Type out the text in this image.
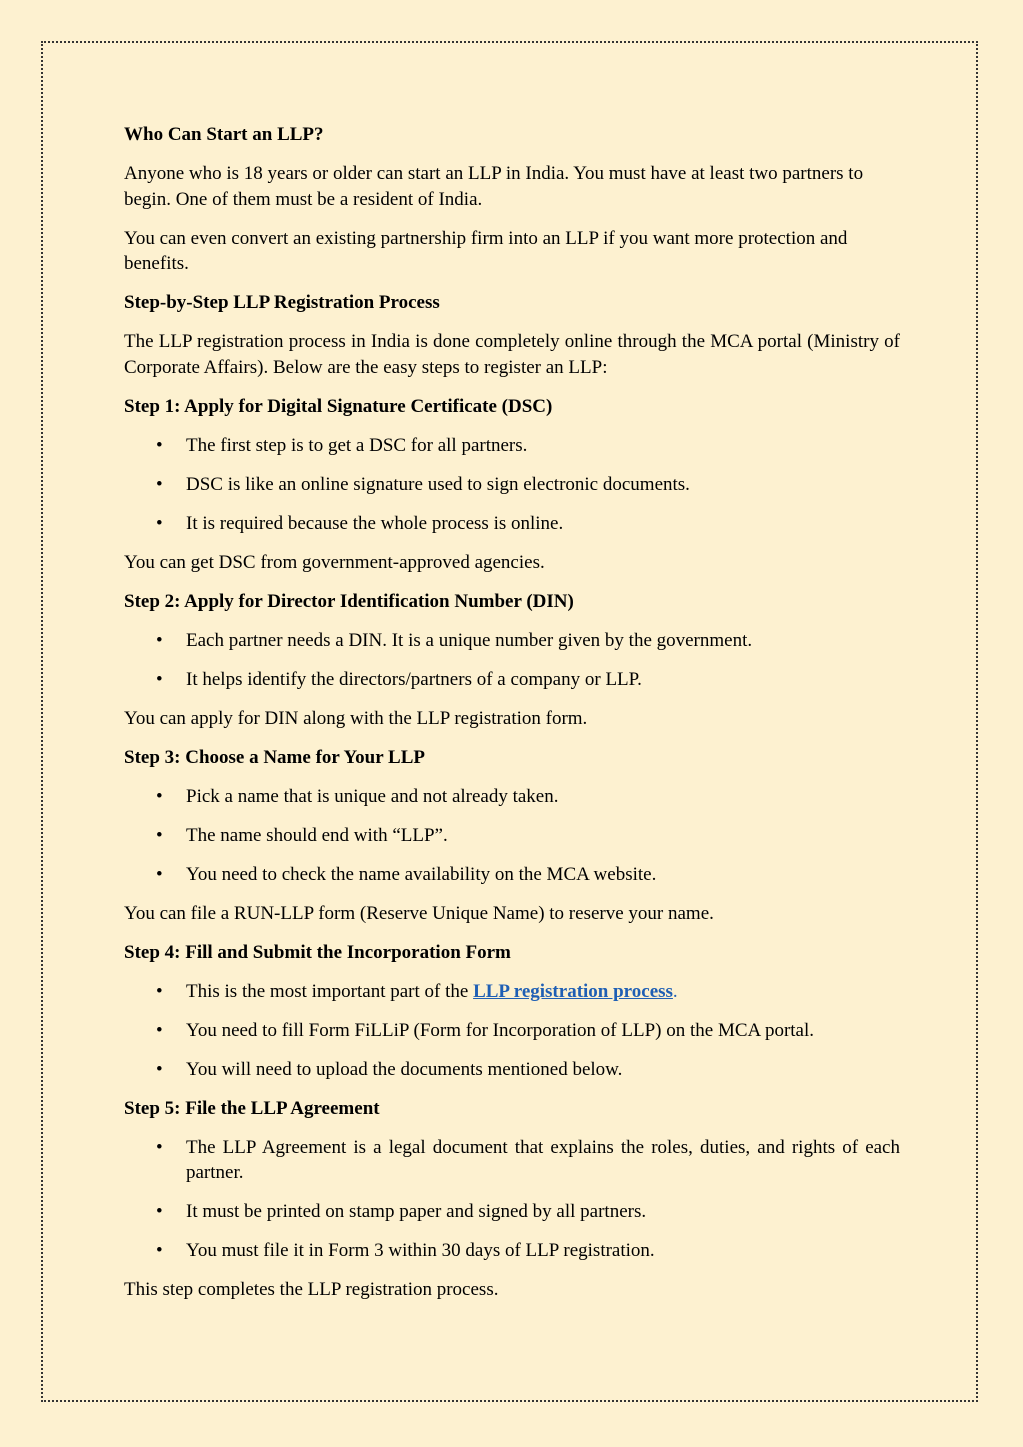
Who Can Start an LLP?

Anyone who is 18 years or older can start an LLP in India. You must have at least two partners to begin. One of them must be a resident of India.

You can even convert an existing partnership firm into an LLP if you want more protection and benefits.

Step-by-Step LLP Registration Process

The LLP registration process in India is done completely online through the MCA portal (Ministry of Corporate Affairs). Below are the easy steps to register an LLP:

Step 1: Apply for Digital Signature Certificate (DSC)
• The first step is to get a DSC for all partners.
• DSC is like an online signature used to sign electronic documents.
• It is required because the whole process is online.

You can get DSC from government-approved agencies.

Step 2: Apply for Director Identification Number (DIN)
• Each partner needs a DIN. It is a unique number given by the government.
• It helps identify the directors/partners of a company or LLP.

You can apply for DIN along with the LLP registration form.

Step 3: Choose a Name for Your LLP
• Pick a name that is unique and not already taken.
• The name should end with “LLP”.
• You need to check the name availability on the MCA website.

You can file a RUN-LLP form (Reserve Unique Name) to reserve your name.

Step 4: Fill and Submit the Incorporation Form
• This is the most important part of the LLP registration process.
• You need to fill Form FiLLiP (Form for Incorporation of LLP) on the MCA portal.
• You will need to upload the documents mentioned below.
Step 5: File the LLP Agreement
• The LLP Agreement is a legal document that explains the roles, duties, and rights of each partner.
• It must be printed on stamp paper and signed by all partners.
• You must file it in Form 3 within 30 days of LLP registration.

This step completes the LLP registration process.
